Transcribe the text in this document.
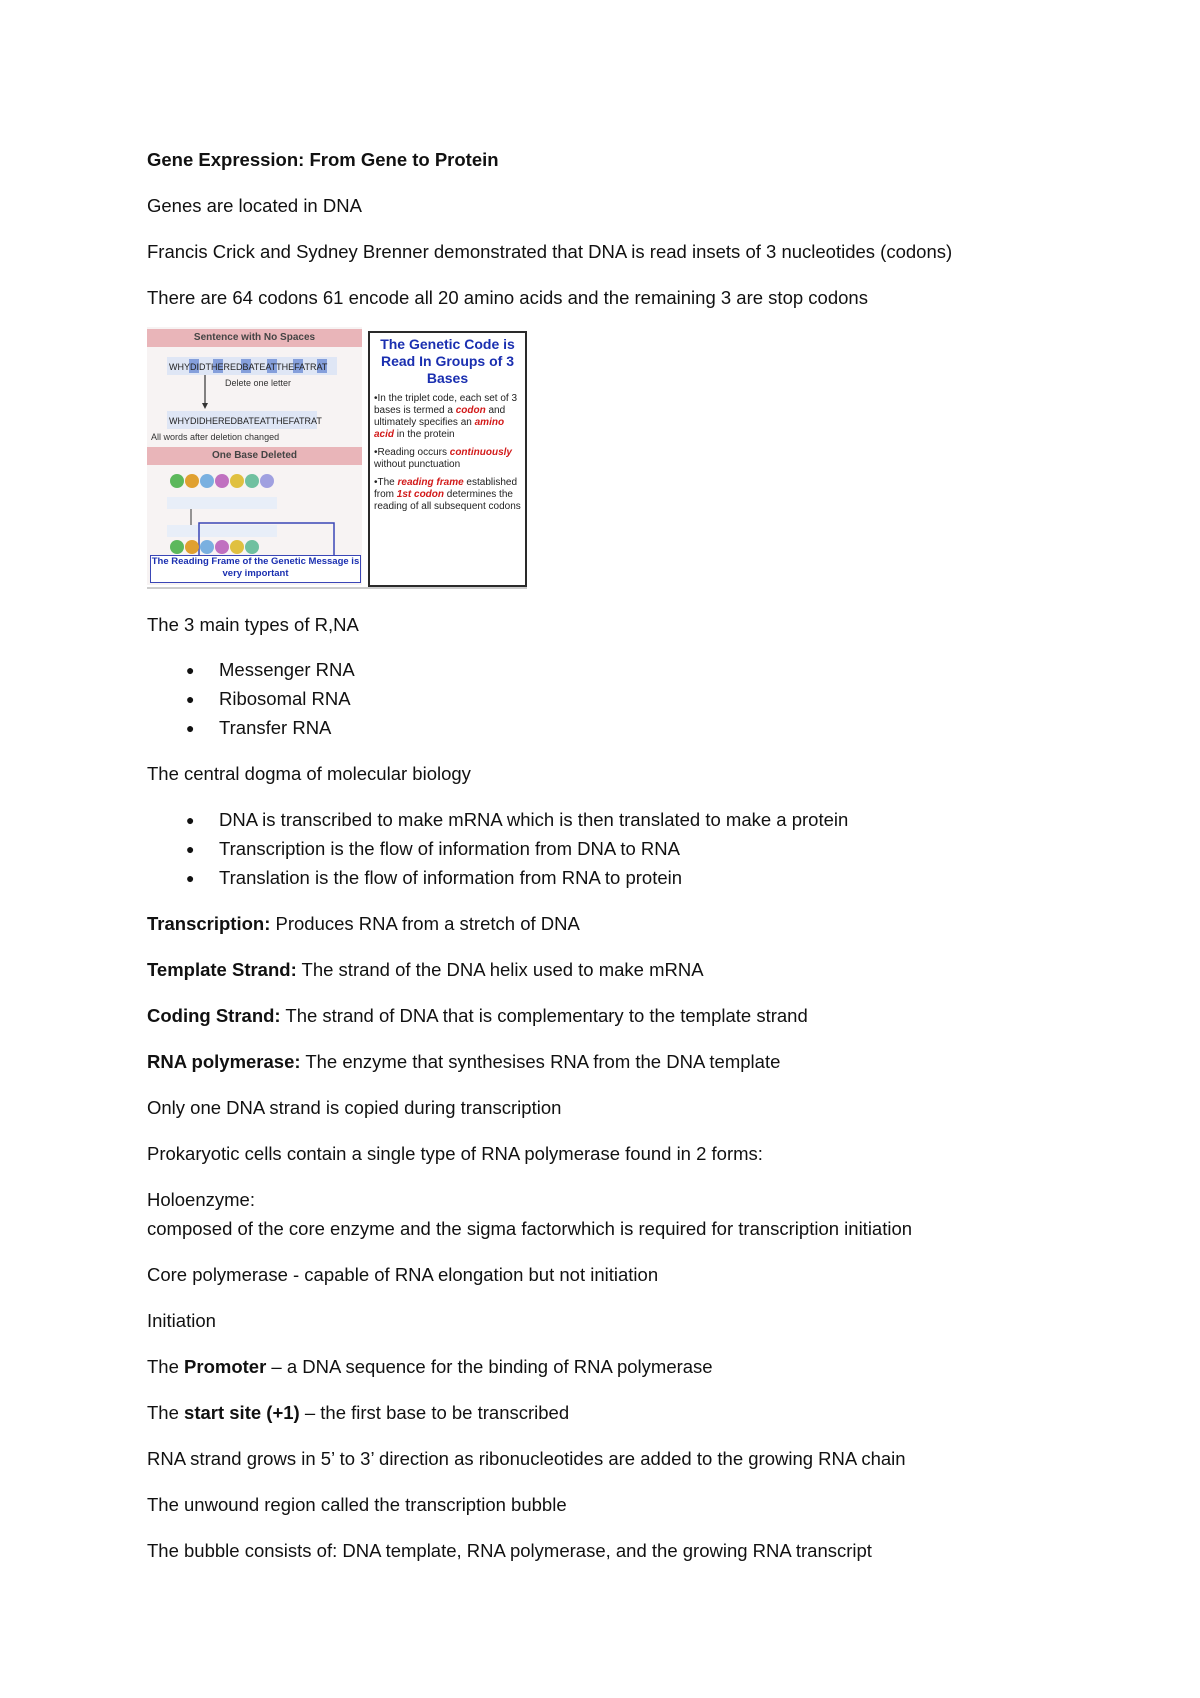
Gene Expression: From Gene to Protein
Genes are located in DNA
Francis Crick and Sydney Brenner demonstrated that DNA is read insets of 3 nucleotides (codons)
There are 64 codons 61 encode all 20 amino acids and the remaining 3 are stop codons
Sentence with No Spaces
WHYDIDTHEREDBATEATTHEFATRAT
WHYDIDHEREDBATEATTHEFATRAT
Delete one letter
All words after deletion changed
One Base Deleted
The Reading Frame of the Genetic Message is very important
The Genetic Code is Read In Groups of 3 Bases
•In the triplet code, each set of 3 bases is termed a codon and ultimately specifies an amino acid in the protein
•Reading occurs continuously without punctuation
•The reading frame established from 1st codon determines the reading of all subsequent codons
The 3 main types of R,NA
● Messenger RNA
● Ribosomal RNA
● Transfer RNA
The central dogma of molecular biology
● DNA is transcribed to make mRNA which is then translated to make a protein
● Transcription is the flow of information from DNA to RNA
● Translation is the flow of information from RNA to protein
Transcription: Produces RNA from a stretch of DNA
Template Strand: The strand of the DNA helix used to make mRNA
Coding Strand: The strand of DNA that is complementary to the template strand
RNA polymerase: The enzyme that synthesises RNA from the DNA template
Only one DNA strand is copied during transcription
Prokaryotic cells contain a single type of RNA polymerase found in 2 forms:
Holoenzyme:
composed of the core enzyme and the sigma factorwhich is required for transcription initiation
Core polymerase - capable of RNA elongation but not initiation
Initiation
The Promoter – a DNA sequence for the binding of RNA polymerase
The start site (+1) – the first base to be transcribed
RNA strand grows in 5’ to 3’ direction as ribonucleotides are added to the growing RNA chain
The unwound region called the transcription bubble
The bubble consists of: DNA template, RNA polymerase, and the growing RNA transcript
